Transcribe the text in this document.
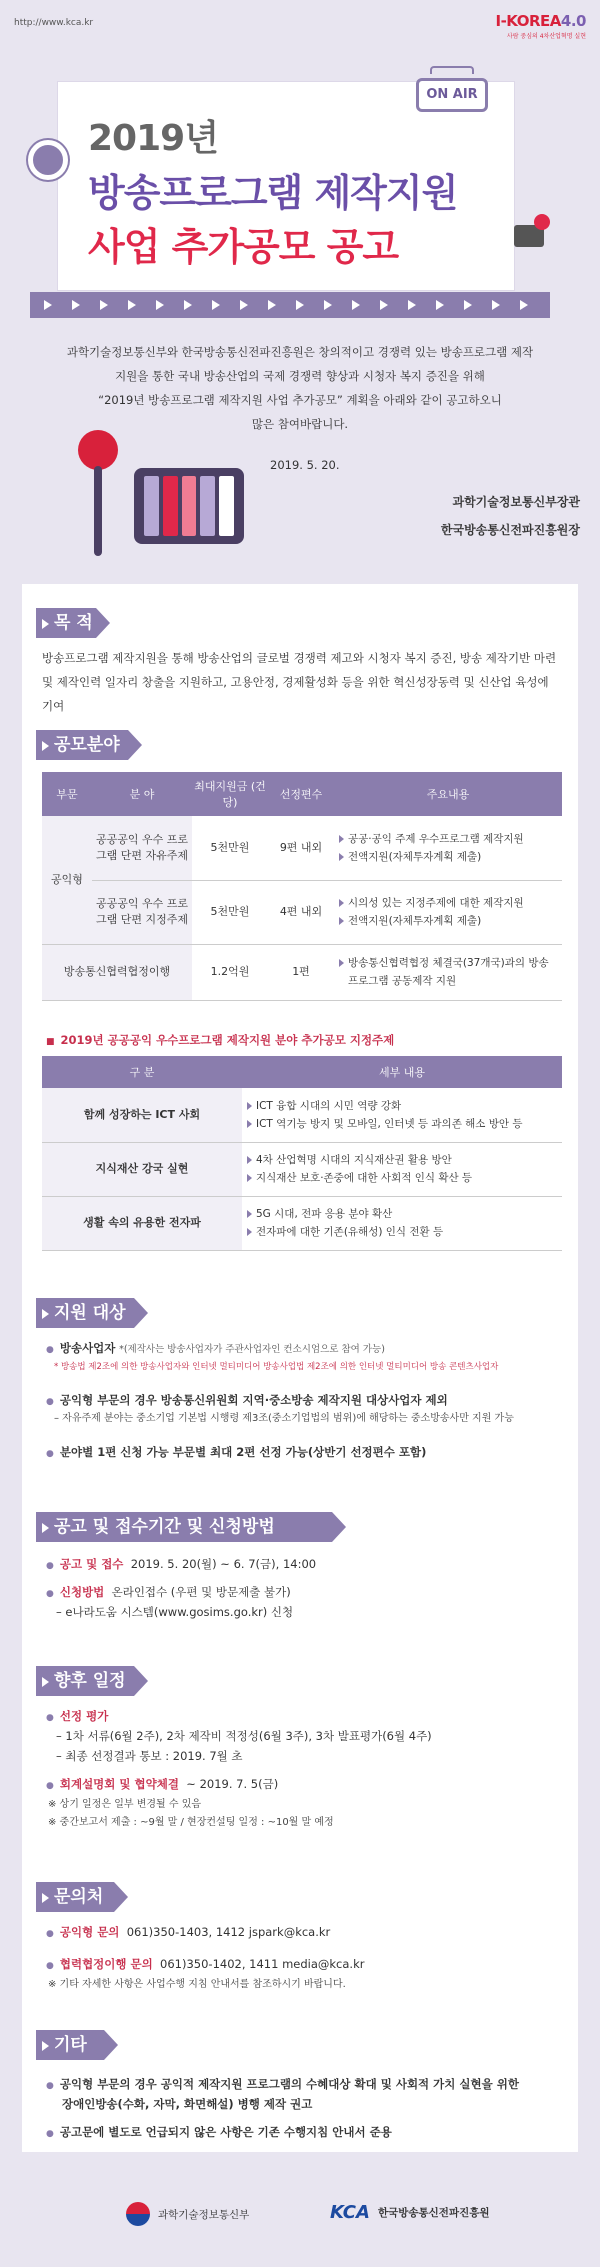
http://www.kca.kr	I-KOREA4.0
사람 중심의 4차산업혁명 실현
2019년
방송프로그램 제작지원
사업 추가공모 공고
ON AIR
과학기술정보통신부와 한국방송통신전파진흥원은 창의적이고 경쟁력 있는 방송프로그램 제작
지원을 통한 국내 방송산업의 국제 경쟁력 향상과 시청자 복지 증진을 위해
“2019년 방송프로그램 제작지원 사업 추가공모” 계획을 아래와 같이 공고하오니
많은 참여바랍니다.
2019. 5. 20.
과학기술정보통신부장관
한국방송통신전파진흥원장
목 적
방송프로그램 제작지원을 통해 방송산업의 글로벌 경쟁력 제고와 시청자 복지 증진, 방송 제작기반 마련 및 제작인력 일자리 창출을 지원하고, 고용안정, 경제활성화 등을 위한 혁신성장동력 및 신산업 육성에 기여
공모분야
부문	분 야	최대지원금 (건당)	선정편수	주요내용
공익형	공공공익 우수 프로그램 단편 자유주제	5천만원	9편 내외	공공·공익 주제 우수프로그램 제작지원
전액지원(자체투자계획 제출)

	공공공익 우수 프로그램 단편 지정주제	5천만원	4편 내외	시의성 있는 지정주제에 대한 제작지원
전액지원(자체투자계획 제출)

방송통신협력협정이행		1.2억원	1편	방송통신협력협정 체결국(37개국)과의 방송프로그램 공동제작 지원
■ 2019년 공공공익 우수프로그램 제작지원 분야 추가공모 지정주제
구 분	세부 내용
함께 성장하는 ICT 사회	ICT 융합 시대의 시민 역량 강화
ICT 역기능 방지 및 모바일, 인터넷 등 과의존 해소 방안 등

지식재산 강국 실현	4차 산업혁명 시대의 지식재산권 활용 방안
지식재산 보호·존중에 대한 사회적 인식 확산 등

생활 속의 유용한 전자파	5G 시대, 전파 응용 분야 확산
전자파에 대한 기존(유해성) 인식 전환 등
지원 대상
● 방송사업자 *(제작사는 방송사업자가 주관사업자인 컨소시엄으로 참여 가능)
* 방송법 제2조에 의한 방송사업자와 인터넷 멀티미디어 방송사업법 제2조에 의한 인터넷 멀티미디어 방송 콘텐츠사업자
● 공익형 부문의 경우 방송통신위원회 지역·중소방송 제작지원 대상사업자 제외
– 자유주제 분야는 중소기업 기본법 시행령 제3조(중소기업법의 범위)에 해당하는 중소방송사만 지원 가능
● 분야별 1편 신청 가능 부문별 최대 2편 선정 가능(상반기 선정편수 포함)
공고 및 접수기간 및 신청방법
● 공고 및 접수 2019. 5. 20(월) ~ 6. 7(금), 14:00
● 신청방법 온라인접수 (우편 및 방문제출 불가)
– e나라도움 시스템(www.gosims.go.kr) 신청
향후 일정
● 선정 평가
– 1차 서류(6월 2주), 2차 제작비 적정성(6월 3주), 3차 발표평가(6월 4주)
– 최종 선정결과 통보 : 2019. 7월 초
● 회계설명회 및 협약체결 ~ 2019. 7. 5(금)
※ 상기 일정은 일부 변경될 수 있음
※ 중간보고서 제출 : ~9월 말 / 현장컨설팅 일정 : ~10월 말 예정
문의처
● 공익형 문의 061)350-1403, 1412 jspark@kca.kr
● 협력협정이행 문의 061)350-1402, 1411 media@kca.kr
※ 기타 자세한 사항은 사업수행 지침 안내서를 참조하시기 바랍니다.
기타
● 공익형 부문의 경우 공익적 제작지원 프로그램의 수혜대상 확대 및 사회적 가치 실현을 위한
장애인방송(수화, 자막, 화면해설) 병행 제작 권고
● 공고문에 별도로 언급되지 않은 사항은 기존 수행지침 안내서 준용
과학기술정보통신부	KCA 한국방송통신전파진흥원
